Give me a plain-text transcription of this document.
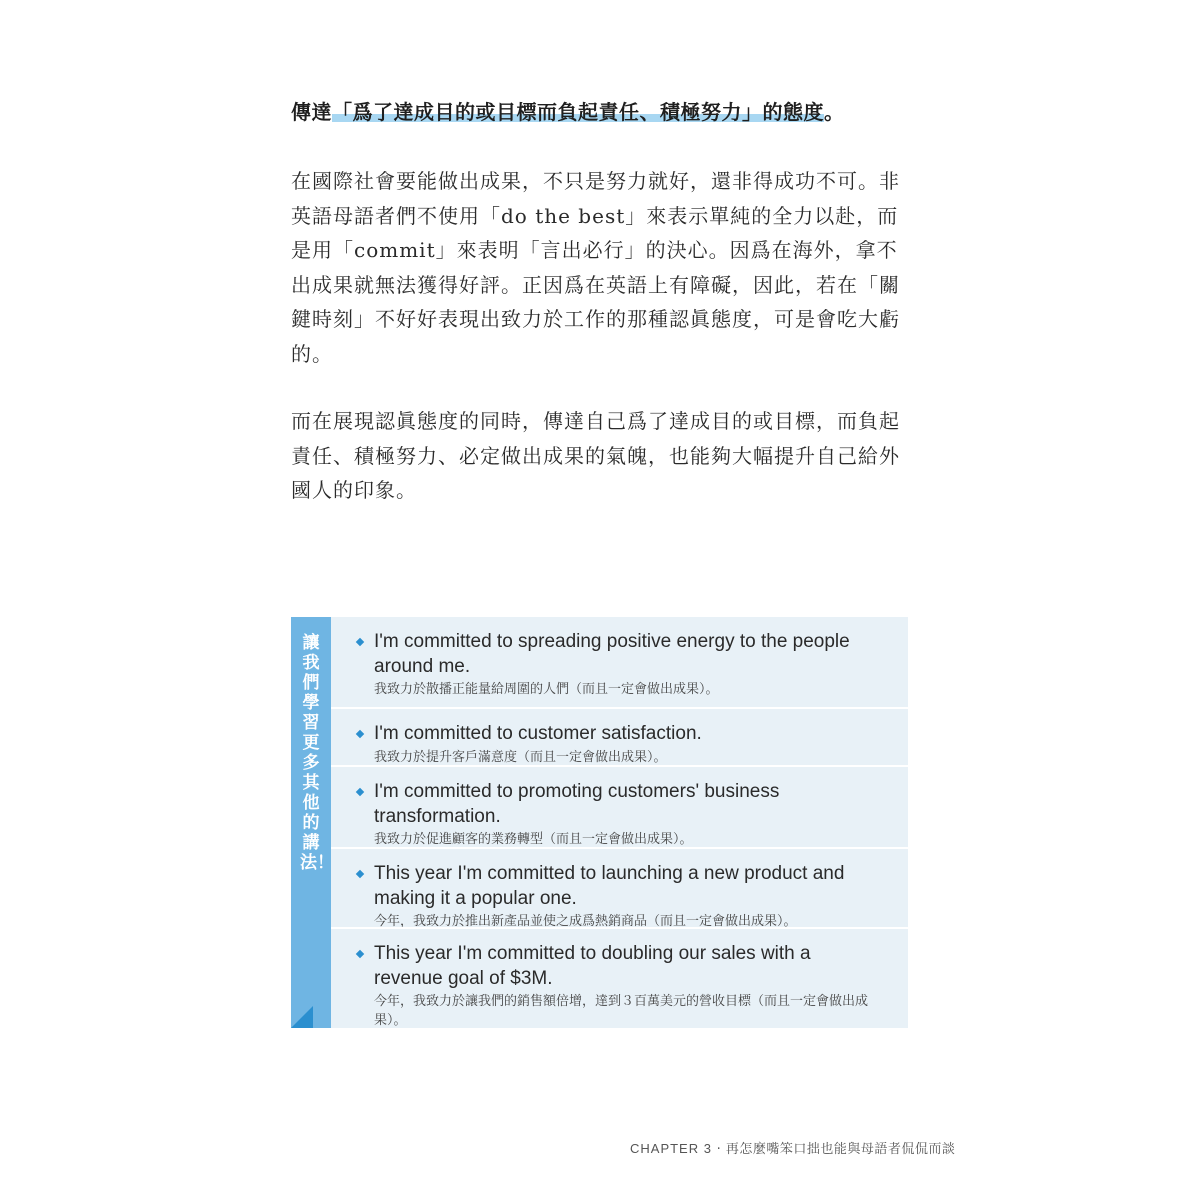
傳達「爲了達成目的或目標而負起責任、積極努力」的態度。

在國際社會要能做出成果，不只是努力就好，還非得成功不可。非英語母語者們不使用「do the best」來表示單純的全力以赴，而是用「commit」來表明「言出必行」的決心。因爲在海外，拿不出成果就無法獲得好評。正因爲在英語上有障礙，因此，若在「關鍵時刻」不好好表現出致力於工作的那種認眞態度，可是會吃大虧的。

而在展現認眞態度的同時，傳達自己爲了達成目的或目標，而負起責任、積極努力、必定做出成果的氣魄，也能夠大幅提升自己給外國人的印象。

讓我們學習更多其他的講法！
I'm committed to spreading positive energy to the people around me.
我致力於散播正能量給周圍的人們（而且一定會做出成果）。
I'm committed to customer satisfaction.
我致力於提升客戶滿意度（而且一定會做出成果）。
I'm committed to promoting customers' business transformation.
我致力於促進顧客的業務轉型（而且一定會做出成果）。
This year I'm committed to launching a new product and making it a popular one.
今年，我致力於推出新產品並使之成爲熱銷商品（而且一定會做出成果）。
This year I'm committed to doubling our sales with a revenue goal of $3M.
今年，我致力於讓我們的銷售額倍增，達到３百萬美元的營收目標（而且一定會做出成果）。
CHAPTER 3 · 再怎麼嘴笨口拙也能與母語者侃侃而談
